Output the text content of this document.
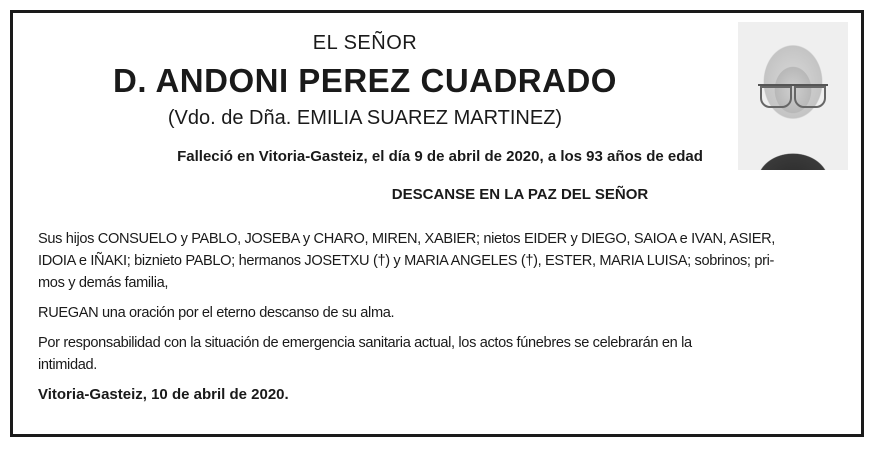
EL SEÑOR
D. ANDONI PEREZ CUADRADO
(Vdo. de Dña. EMILIA SUAREZ MARTINEZ)
Falleció en Vitoria-Gasteiz, el día 9 de abril de 2020, a los 93 años de edad
DESCANSE EN LA PAZ DEL SEÑOR
Sus hijos CONSUELO y PABLO, JOSEBA y CHARO, MIREN, XABIER; nietos EIDER y DIEGO, SAIOA e IVAN, ASIER,
IDOIA e IÑAKI; biznieto PABLO; hermanos JOSETXU (†) y MARIA ANGELES (†), ESTER, MARIA LUISA; sobrinos; pri-
mos y demás familia,
RUEGAN una oración por el eterno descanso de su alma.
Por responsabilidad con la situación de emergencia sanitaria actual, los actos fúnebres se celebrarán en la
intimidad.
Vitoria-Gasteiz, 10 de abril de 2020.
